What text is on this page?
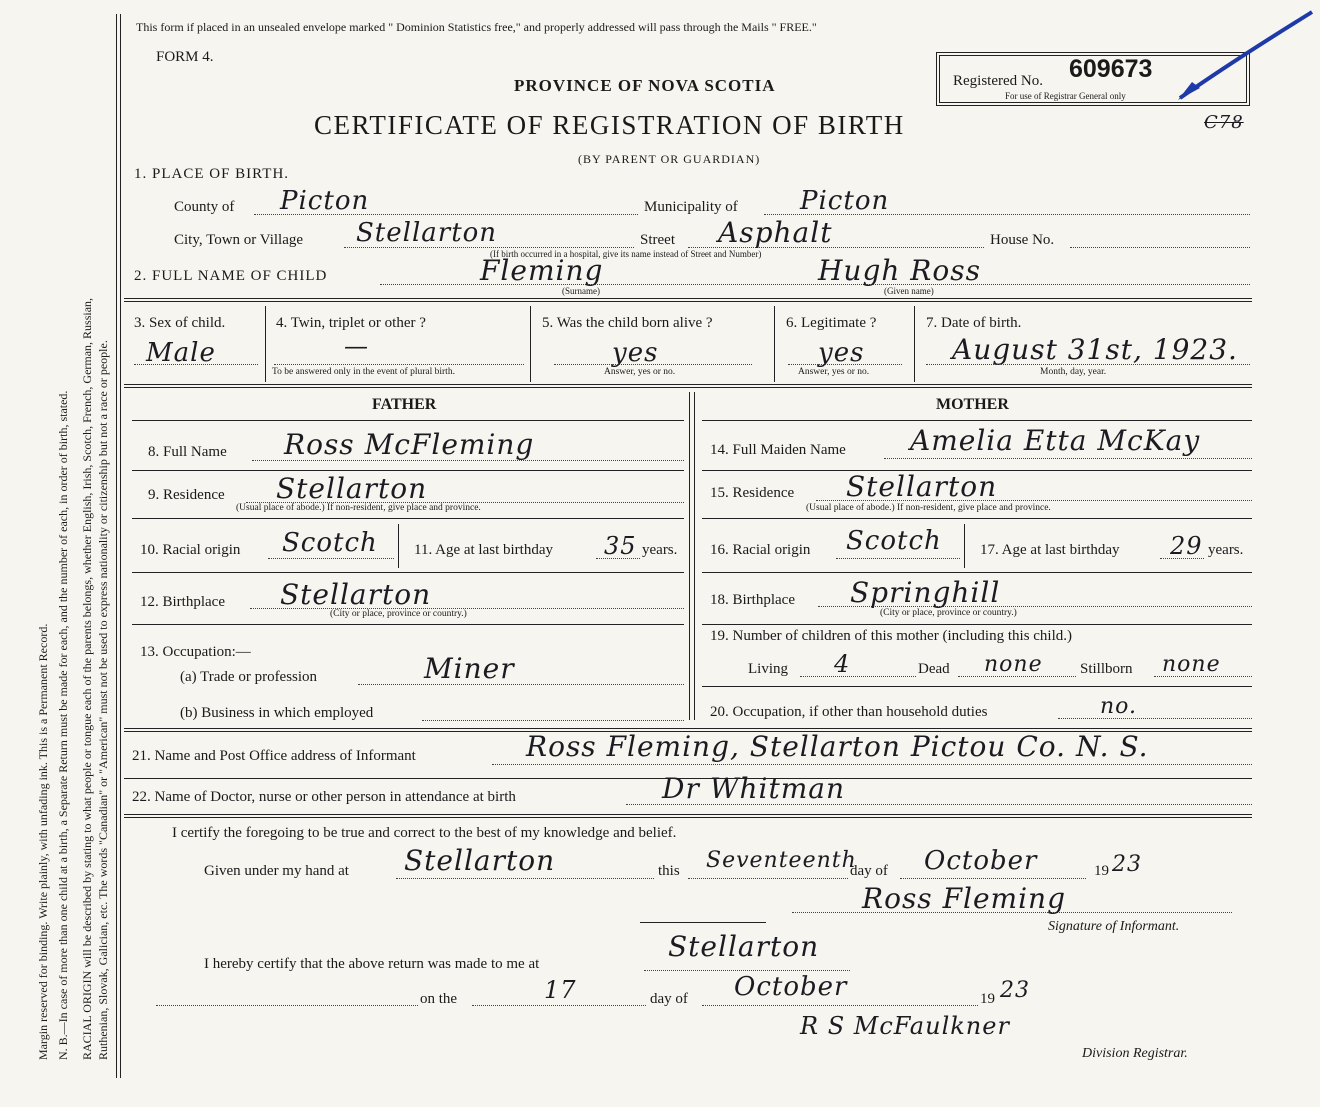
Margin reserved for binding. Write plainly, with unfading ink. This is a Permanent Record. N. B.—In case of more than one child at a birth, a Separate Return must be made for each, and the number of each, in order of birth, stated. RACIAL ORIGIN will be described by stating to what people or tongue each of the parents belongs, whether English, Irish, Scotch, French, German, Russian, Ruthenian, Slovak, Galician, etc. The words "Canadian" or "American" must not be used to express nationality or citizenship but not a race or people.
This form if placed in an unsealed envelope marked " Dominion Statistics free," and properly addressed will pass through the Mails " FREE."
FORM 4.
PROVINCE OF NOVA SCOTIA
CERTIFICATE OF REGISTRATION OF BIRTH
(BY PARENT OR GUARDIAN)
Registered No. 609673
For use of Registrar General only
C78
1. PLACE OF BIRTH.
County of Picton	Municipality of Picton
City, Town or Village Stellarton	Street Asphalt	House No.
(If birth occurred in a hospital, give its name instead of Street and Number)
2. FULL NAME OF CHILD	Fleming	Hugh Ross
(Surname)	(Given name)
3. Sex of child.
Male
4. Twin, triplet or other ?
—
To be answered only in the event of plural birth.
5. Was the child born alive ?
yes
Answer, yes or no.
6. Legitimate ?
yes
Answer, yes or no.
7. Date of birth.
August 31st, 1923.
Month, day, year.
FATHER	MOTHER
8. Full Name Ross McFleming
9. Residence Stellarton
(Usual place of abode.) If non-resident, give place and province.
10. Racial origin Scotch 11. Age at last birthday 35 years.
12. Birthplace Stellarton
(City or place, province or country.)
13. Occupation:—
(a) Trade or profession	Miner
(b) Business in which employed
14. Full Maiden Name Amelia Etta McKay
15. Residence Stellarton
(Usual place of abode.) If non-resident, give place and province.
16. Racial origin Scotch	17. Age at last birthday 29 years.
18. Birthplace Springhill
(City or place, province or country.)
19. Number of children of this mother (including this child.)
Living 4	Dead none Stillborn none
20. Occupation, if other than household duties	no.
21. Name and Post Office address of Informant	Ross Fleming, Stellarton Pictou Co. N. S.
22. Name of Doctor, nurse or other person in attendance at birth	Dr Whitman
I certify the foregoing to be true and correct to the best of my knowledge and belief.
Given under my hand at Stellarton	this Seventeenth
day of October	19 23
Ross Fleming
Signature of Informant.
I hereby certify that the above return was made to me at
Stellarton
on the	17	day of October	19 23
R S McFaulkner
Division Registrar.
